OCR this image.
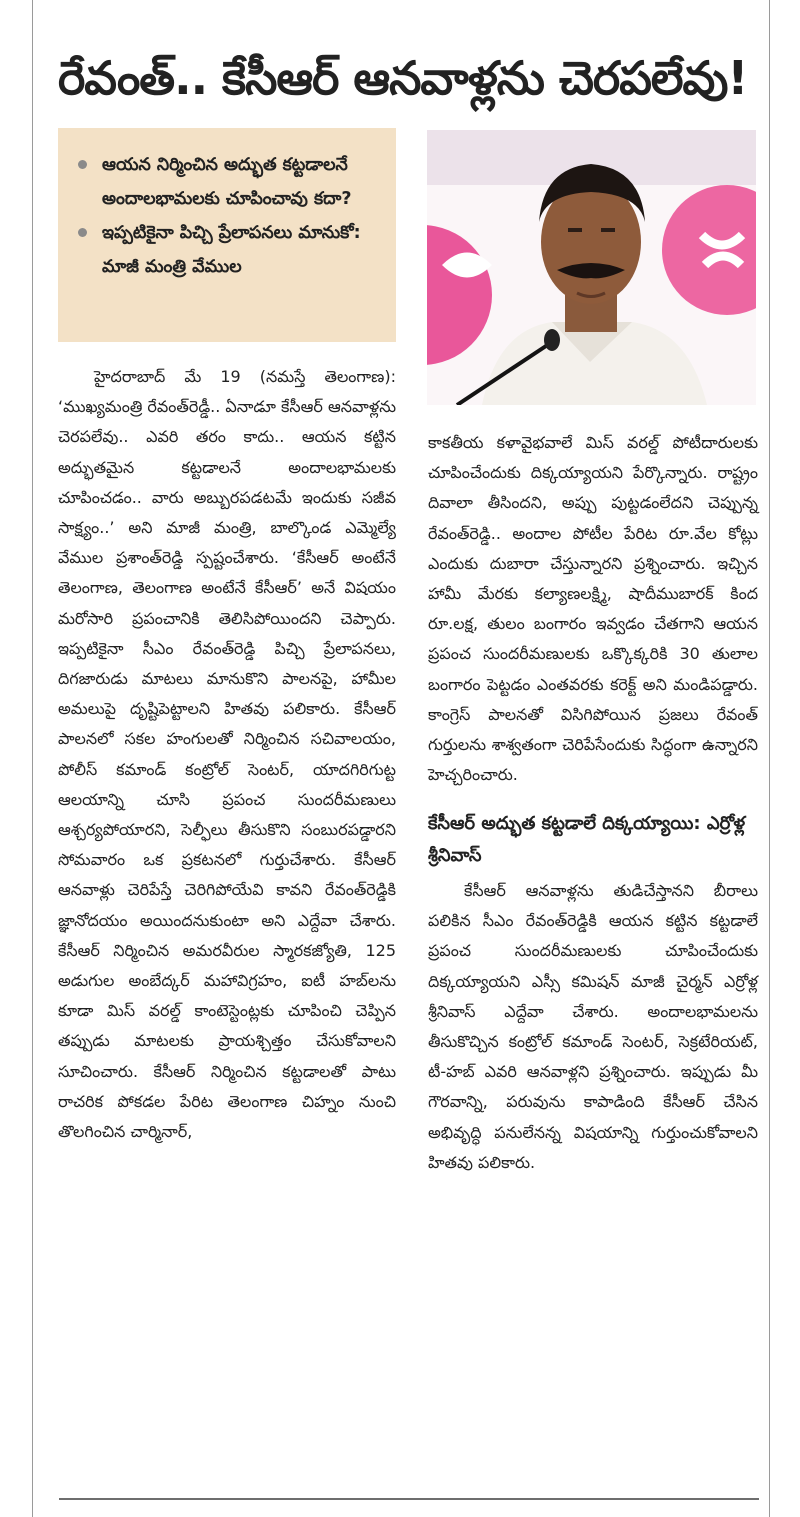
రేవంత్‌.. కేసీఆర్‌ ఆనవాళ్లను చెరపలేవు!
ఆయన నిర్మించిన అద్భుత కట్టడాలనే అందాలభామలకు చూపించావు కదా?
ఇప్పటికైనా పిచ్చి ప్రేలాపనలు మానుకో: మాజీ మంత్రి వేముల

హైదరాబాద్‌ మే 19 (నమస్తే తెలంగాణ): ‘ముఖ్యమంత్రి రేవంత్‌రెడ్డీ.. ఏనాడూ కేసీఆర్‌ ఆనవాళ్లను చెరపలేవు.. ఎవరి తరం కాదు.. ఆయన కట్టిన అద్భుతమైన కట్టడాలనే అందాలభామలకు చూపించడం.. వారు అబ్బురపడటమే ఇందుకు సజీవ సాక్ష్యం..’ అని మాజీ మంత్రి, బాల్కొండ ఎమ్మెల్యే వేముల ప్రశాంత్‌రెడ్డి స్పష్టంచేశారు. ‘కేసీఆర్‌ అంటేనే తెలంగాణ, తెలంగాణ అంటేనే కేసీఆర్‌’ అనే విషయం మరోసారి ప్రపంచానికి తెలిసిపోయిందని చెప్పారు. ఇప్పటికైనా సీఎం రేవంత్‌రెడ్డి పిచ్చి ప్రేలాపనలు, దిగజారుడు మాటలు మానుకొని పాలనపై, హామీల అమలుపై దృష్టిపెట్టాలని హితవు పలికారు. కేసీఆర్‌ పాలనలో సకల హంగులతో నిర్మించిన సచివాలయం, పోలీస్‌ కమాండ్‌ కంట్రోల్‌ సెంటర్‌, యాదగిరిగుట్ట ఆలయాన్ని చూసి ప్రపంచ సుందరీమణులు ఆశ్చర్యపోయారని, సెల్ఫీలు తీసుకొని సంబురపడ్డారని సోమవారం ఒక ప్రకటనలో గుర్తుచేశారు. కేసీఆర్‌ ఆనవాళ్లు చెరిపేస్తే చెరిగిపోయేవి కావని రేవంత్‌రెడ్డికి జ్ఞానోదయం అయిందనుకుంటా అని ఎద్దేవా చేశారు. కేసీఆర్‌ నిర్మించిన అమరవీరుల స్మారకజ్యోతి, 125 అడుగుల అంబేద్కర్‌ మహావిగ్రహం, ఐటీ హబ్‌లను కూడా మిస్‌ వరల్డ్‌ కాంటెస్టెంట్లకు చూపించి చెప్పిన తప్పుడు మాటలకు ప్రాయశ్చిత్తం చేసుకోవాలని సూచించారు. కేసీఆర్‌ నిర్మించిన కట్టడాలతో పాటు రాచరిక పోకడల పేరిట తెలంగాణ చిహ్నం నుంచి తొలగించిన చార్మినార్‌,

కాకతీయ కళావైభవాలే మిస్‌ వరల్డ్‌ పోటీదారులకు చూపించేందుకు దిక్కయ్యాయని పేర్కొన్నారు. రాష్ట్రం దివాలా తీసిందని, అప్పు పుట్టడంలేదని చెప్పున్న రేవంత్‌రెడ్డి.. అందాల పోటీల పేరిట రూ.వేల కోట్లు ఎందుకు దుబారా చేస్తున్నారని ప్రశ్నించారు. ఇచ్చిన హామీ మేరకు కల్యాణలక్ష్మి, షాదీముబారక్‌ కింద రూ.లక్ష, తులం బంగారం ఇవ్వడం చేతగాని ఆయన ప్రపంచ సుందరీమణులకు ఒక్కొక్కరికి 30 తులాల బంగారం పెట్టడం ఎంతవరకు కరెక్ట్‌ అని మండిపడ్డారు. కాంగ్రెస్‌ పాలనతో విసిగిపోయిన ప్రజలు రేవంత్‌ గుర్తులను శాశ్వతంగా చెరిపేసేందుకు సిద్ధంగా ఉన్నారని హెచ్చరించారు.

కేసీఆర్‌ అద్భుత కట్టడాలే దిక్కయ్యాయి: ఎర్రోళ్ల శ్రీనివాస్‌

కేసీఆర్‌ ఆనవాళ్లను తుడిచేస్తానని బీరాలు పలికిన సీఎం రేవంత్‌రెడ్డికి ఆయన కట్టిన కట్టడాలే ప్రపంచ సుందరీమణులకు చూపించేందుకు దిక్కయ్యాయని ఎస్సీ కమిషన్‌ మాజీ చైర్మన్‌ ఎర్రోళ్ల శ్రీనివాస్‌ ఎద్దేవా చేశారు. అందాలభామలను తీసుకొచ్చిన కంట్రోల్‌ కమాండ్‌ సెంటర్‌, సెక్రటేరియట్‌, టీ-హబ్‌ ఎవరి ఆనవాళ్లని ప్రశ్నించారు. ఇప్పుడు మీ గౌరవాన్ని, పరువును కాపాడింది కేసీఆర్‌ చేసిన అభివృద్ధి పనులేనన్న విషయాన్ని గుర్తుంచుకోవాలని హితవు పలికారు.
